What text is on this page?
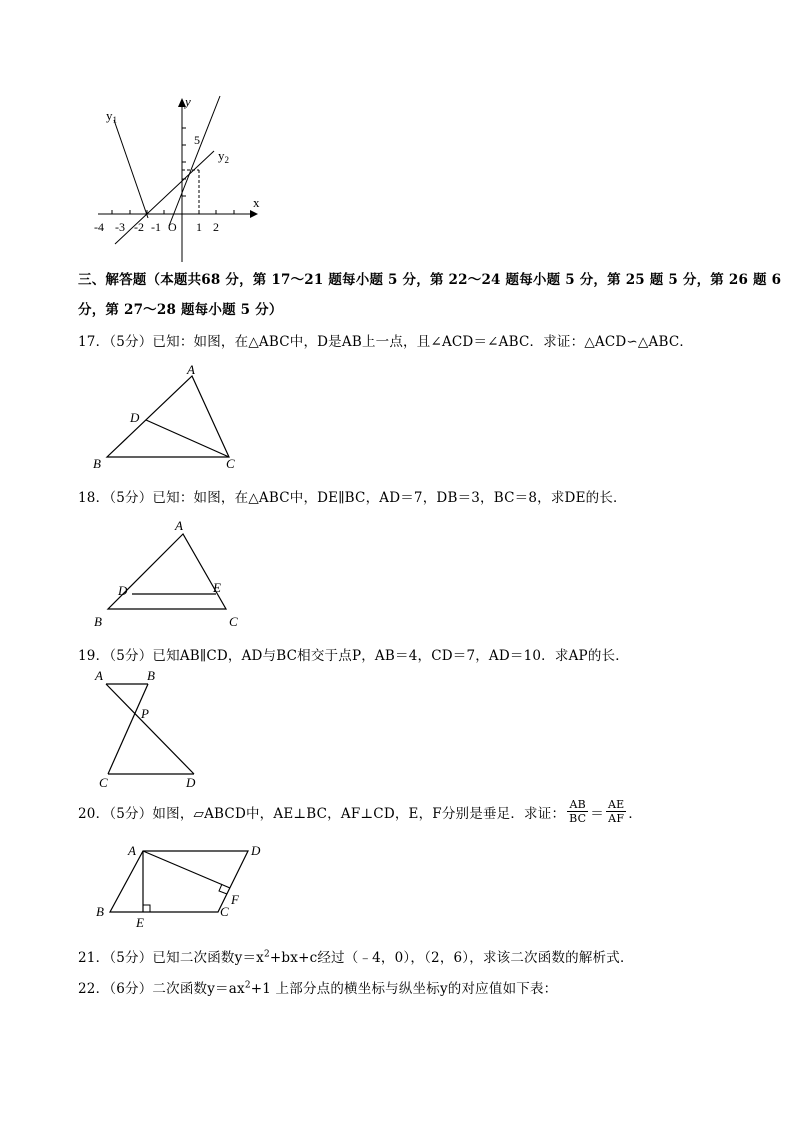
y
x
$y_1$
$y_2$
5
-4 -3 -2 -1 O 1 2
三、解答题（本题共68 分，第 17～21 题每小题 5 分，第 22～24 题每小题 5 分，第 25 题 5 分，第 26 题 6
分，第 27～28 题每小题 5 分）
17．（5分）已知：如图，在△ABC中，D是AB上一点，且∠ACD＝∠ABC．求证：△ACD∽△ABC．
A
D
B	C
18．（5分）已知：如图，在△ABC中，DE∥BC，AD＝7，DB＝3，BC＝8，求DE的长．
A
D	E
B	C
19．（5分）已知AB∥CD，AD与BC相交于点P，AB＝4，CD＝7，AD＝10．求AP的长．
A	B
P
C	D
20．（5分）如图，▱ABCD中，AE⊥BC，AF⊥CD，E，F分别是垂足．求证： $\frac{AB}{BC} = \frac{AE}{AF}$ ．
A	D
F
B	C
E
21．（5分）已知二次函数$y=x^2+bx+c$经过（﹣4，0），（2，6），求该二次函数的解析式．
22．（6分）二次函数$y=ax^2+1$ 上部分点的横坐标与纵坐标y的对应值如下表：
